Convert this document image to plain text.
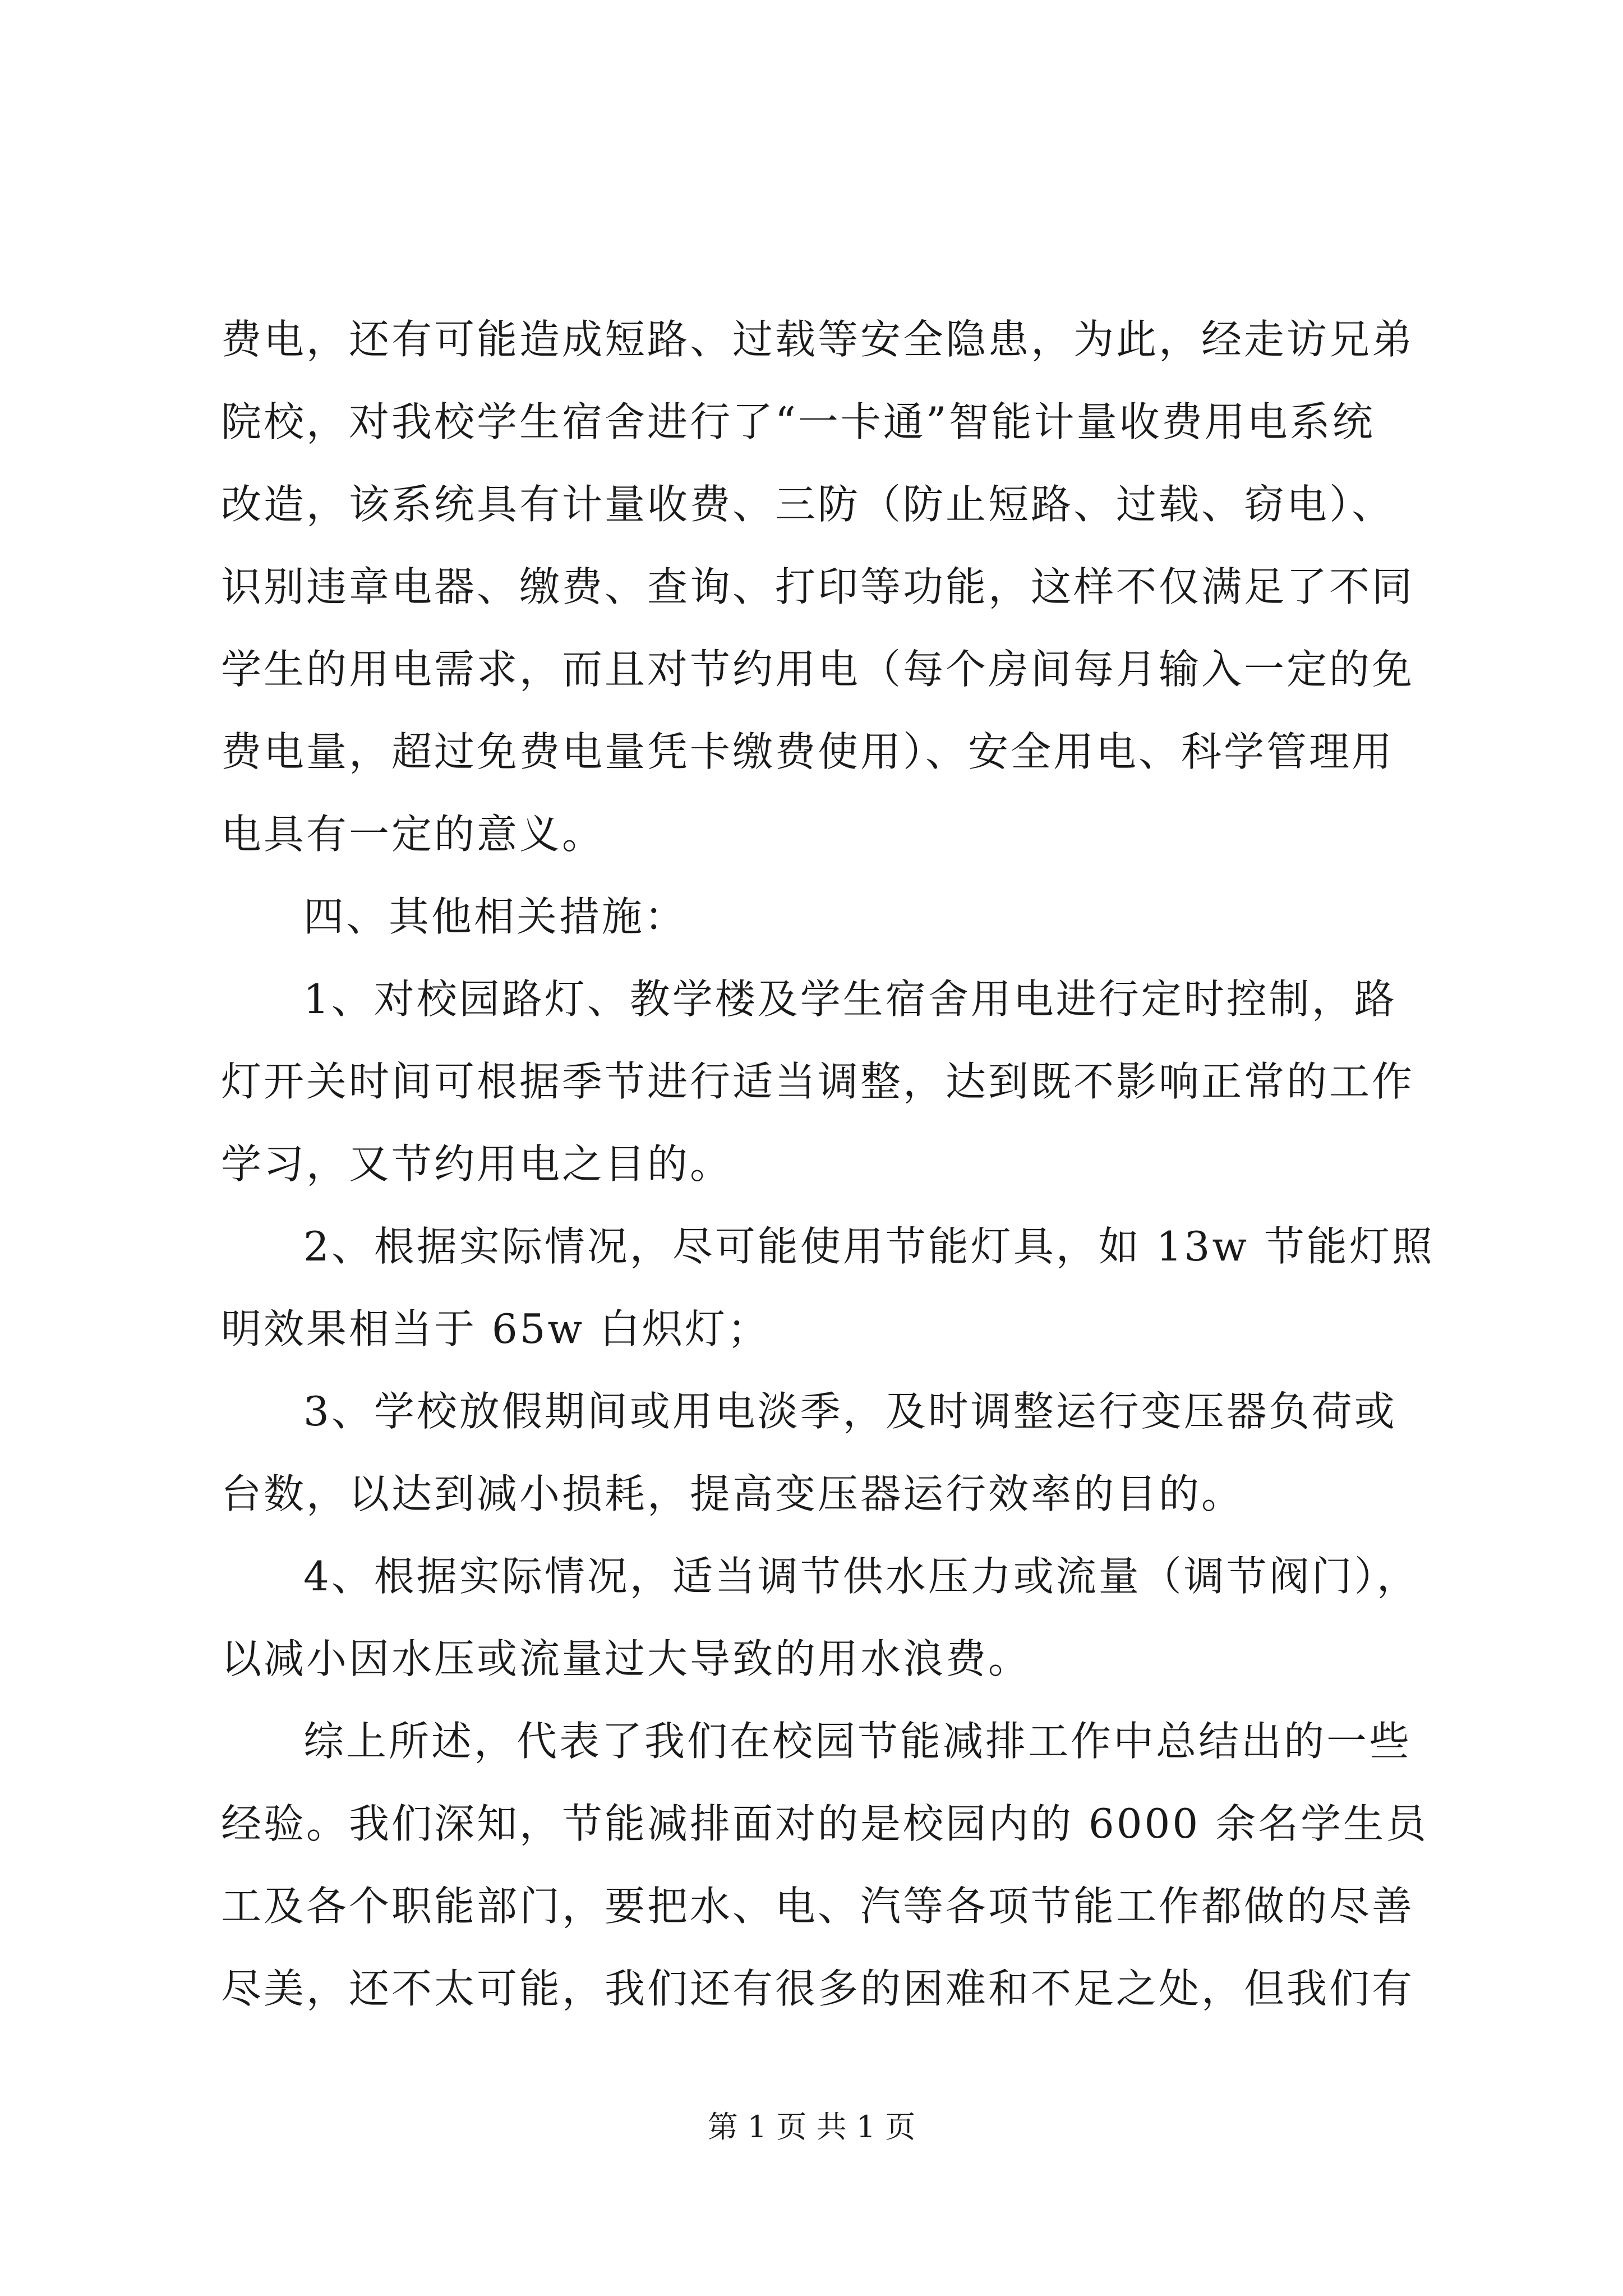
费电，还有可能造成短路、过载等安全隐患，为此，经走访兄弟
院校，对我校学生宿舍进行了“一卡通”智能计量收费用电系统
改造，该系统具有计量收费、三防（防止短路、过载、窃电）、
识别违章电器、缴费、查询、打印等功能，这样不仅满足了不同
学生的用电需求，而且对节约用电（每个房间每月输入一定的免
费电量，超过免费电量凭卡缴费使用）、安全用电、科学管理用
电具有一定的意义。
四、其他相关措施：
1、对校园路灯、教学楼及学生宿舍用电进行定时控制，路
灯开关时间可根据季节进行适当调整，达到既不影响正常的工作
学习，又节约用电之目的。
2、根据实际情况，尽可能使用节能灯具，如 13w 节能灯照
明效果相当于 65w 白炽灯；
3、学校放假期间或用电淡季，及时调整运行变压器负荷或
台数，以达到减小损耗，提高变压器运行效率的目的。
4、根据实际情况，适当调节供水压力或流量（调节阀门），
以减小因水压或流量过大导致的用水浪费。
综上所述，代表了我们在校园节能减排工作中总结出的一些
经验。我们深知，节能减排面对的是校园内的 6000 余名学生员
工及各个职能部门，要把水、电、汽等各项节能工作都做的尽善
尽美，还不太可能，我们还有很多的困难和不足之处，但我们有
第 1 页 共 1 页
